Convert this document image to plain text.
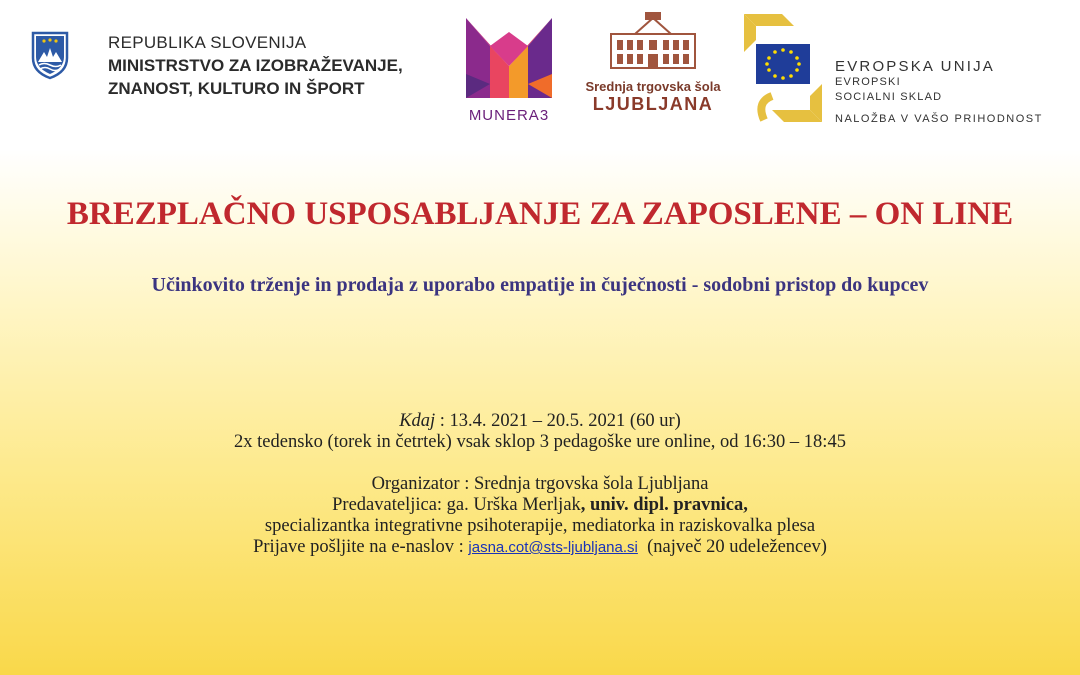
REPUBLIKA SLOVENIJA
MINISTRSTVO ZA IZOBRAŽEVANJE,
ZNANOST, KULTURO IN ŠPORT
MUNERA3
Srednja trgovska šola
LJUBLJANA
EVROPSKA UNIJA
EVROPSKI
SOCIALNI SKLAD
NALOŽBA V VAŠO PRIHODNOST
BREZPLAČNO USPOSABLJANJE ZA ZAPOSLENE – ON LINE
Učinkovito trženje in prodaja z uporabo empatije in čuječnosti - sodobni pristop do kupcev
Kdaj : 13.4. 2021 – 20.5. 2021 (60 ur)
2x tedensko (torek in četrtek) vsak sklop 3 pedagoške ure online, od 16:30 – 18:45
Organizator : Srednja trgovska šola Ljubljana
Predavateljica: ga. Urška Merljak, univ. dipl. pravnica,
specializantka integrativne psihoterapije, mediatorka in raziskovalka plesa
Prijave pošljite na e-naslov : jasna.cot@sts-ljubljana.si  (največ 20 udeležencev)
